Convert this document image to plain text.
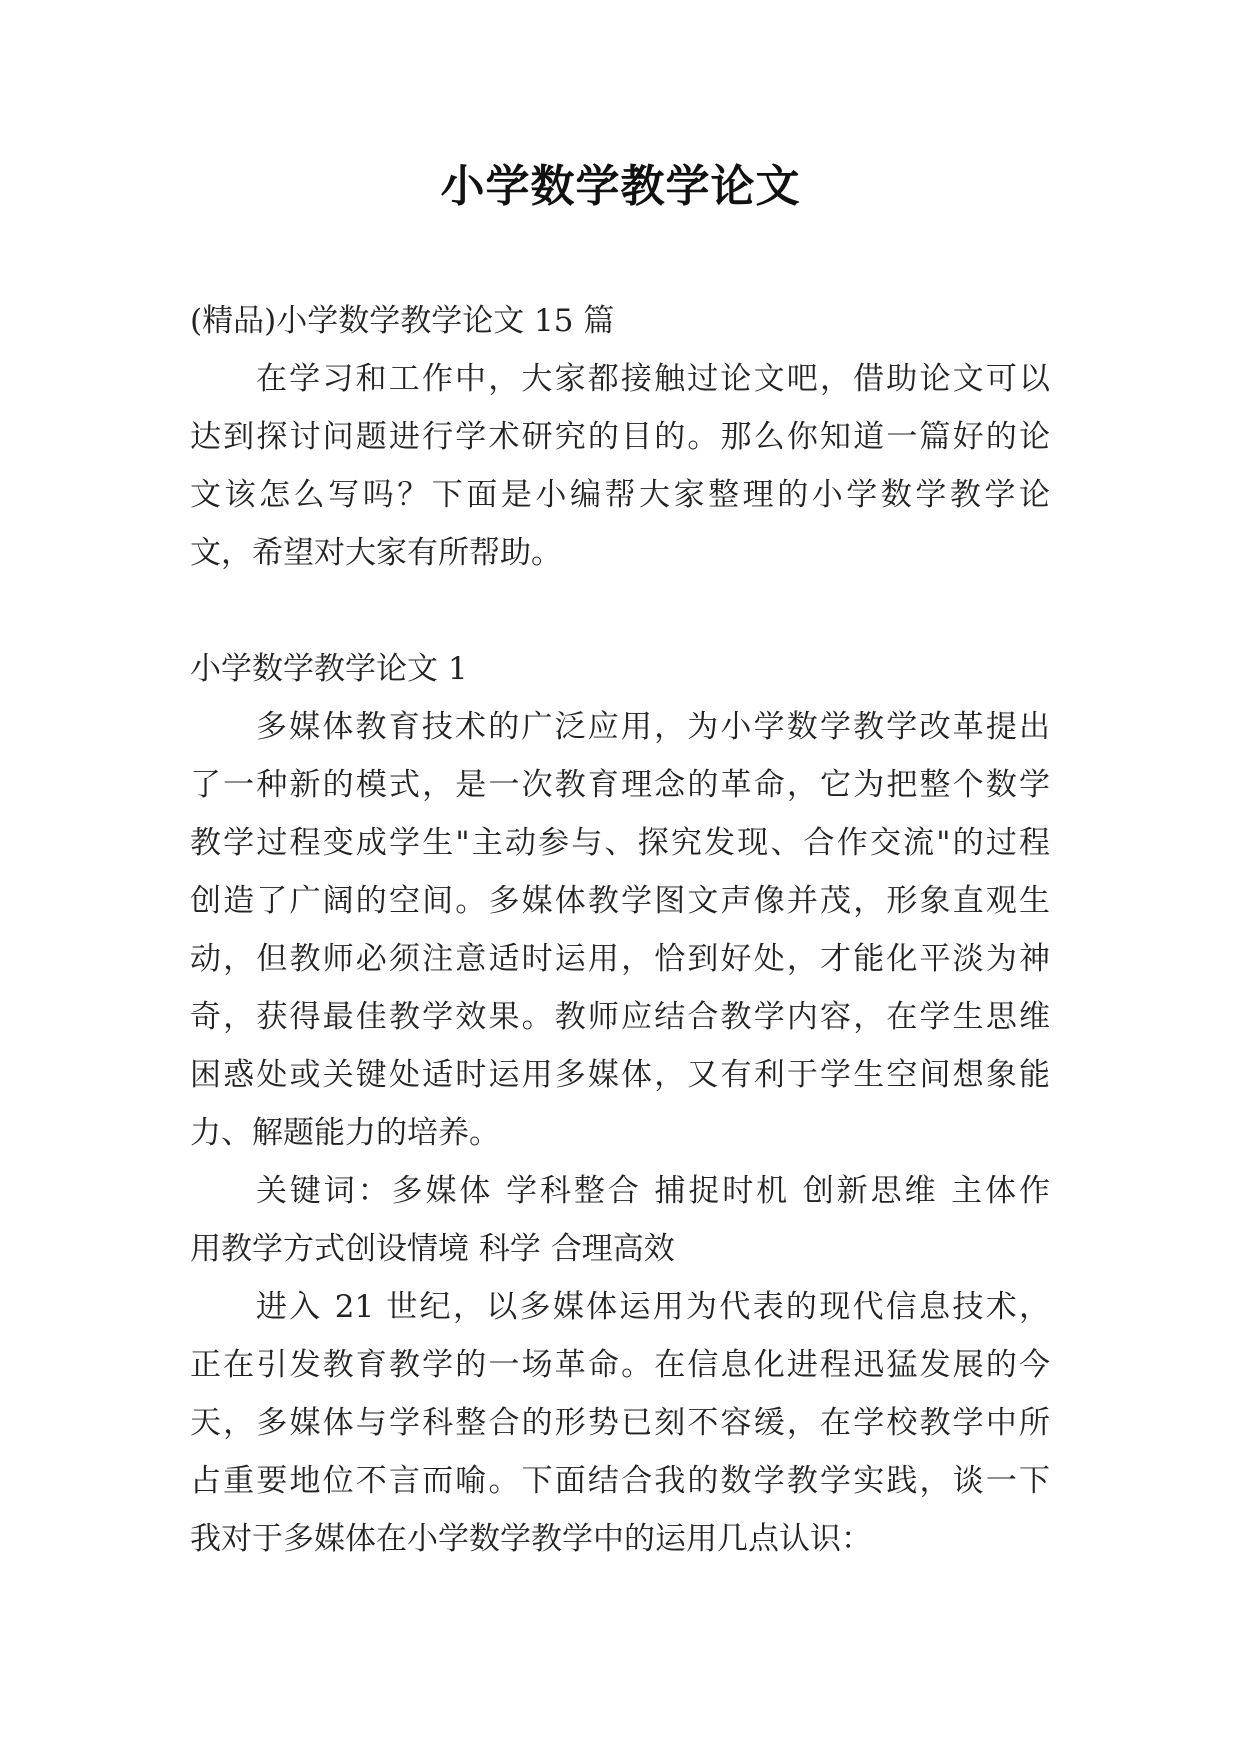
小学数学教学论文
(精品)小学数学教学论文 15 篇
在学习和工作中，大家都接触过论文吧，借助论文可以
达到探讨问题进行学术研究的目的。那么你知道一篇好的论
文该怎么写吗？下面是小编帮大家整理的小学数学教学论
文，希望对大家有所帮助。
小学数学教学论文 1
多媒体教育技术的广泛应用，为小学数学教学改革提出
了一种新的模式，是一次教育理念的革命，它为把整个数学
教学过程变成学生"主动参与、探究发现、合作交流"的过程
创造了广阔的空间。多媒体教学图文声像并茂，形象直观生
动，但教师必须注意适时运用，恰到好处，才能化平淡为神
奇，获得最佳教学效果。教师应结合教学内容，在学生思维
困惑处或关键处适时运用多媒体，又有利于学生空间想象能
力、解题能力的培养。
关键词：多媒体 学科整合 捕捉时机 创新思维 主体作
用教学方式创设情境 科学 合理高效
进入 21 世纪，以多媒体运用为代表的现代信息技术，
正在引发教育教学的一场革命。在信息化进程迅猛发展的今
天，多媒体与学科整合的形势已刻不容缓，在学校教学中所
占重要地位不言而喻。下面结合我的数学教学实践，谈一下
我对于多媒体在小学数学教学中的运用几点认识：
